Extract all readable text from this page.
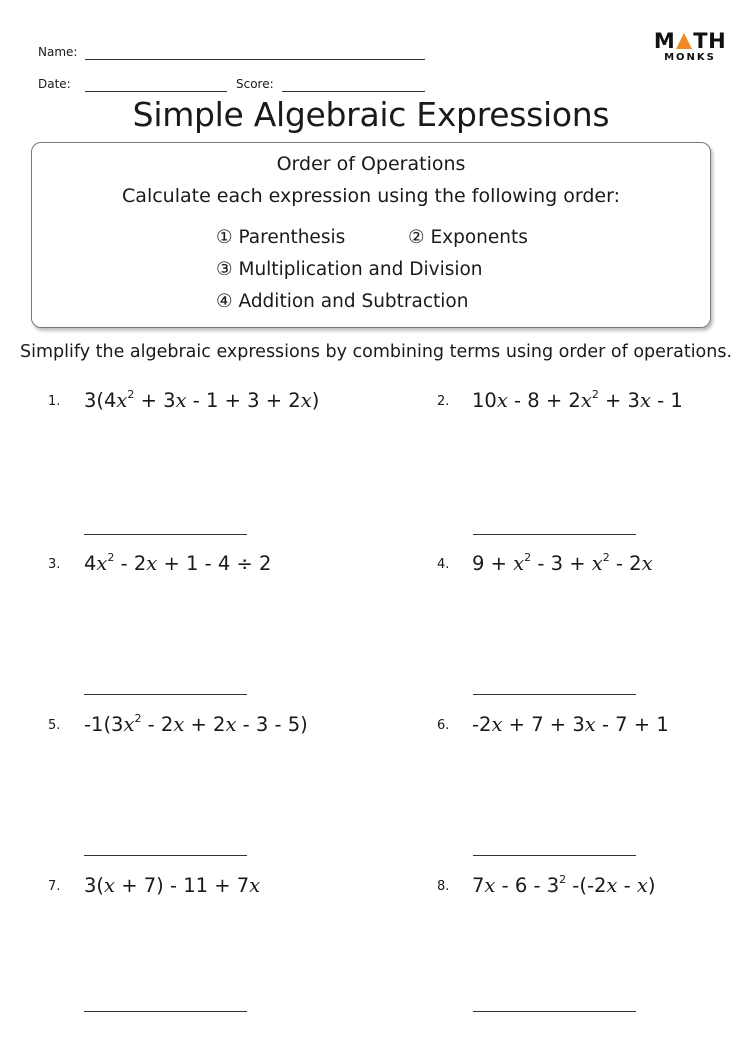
Name:
Date:	Score:
M TH
MONKS
Simple Algebraic Expressions
Order of Operations
Calculate each expression using the following order:
① Parenthesis	② Exponents
③ Multiplication and Division
④ Addition and Subtraction
Simplify the algebraic expressions by combining terms using order of operations.
1. $3(4x^2 + 3x - 1 + 3 + 2x)$	2. $10x - 8 + 2x^2 + 3x - 1$
3. $4x^2 - 2x + 1 - 4 \div 2$	4. $9 + x^2 - 3 + x^2 - 2x$
5. $-1(3x^2 - 2x + 2x - 3 - 5)$	6. -2x + 7 + 3x - 7 + 1
7. 3(x + 7) - 11 + 7x	8. $7x - 6 - 3^2$ -(-2x - x)
